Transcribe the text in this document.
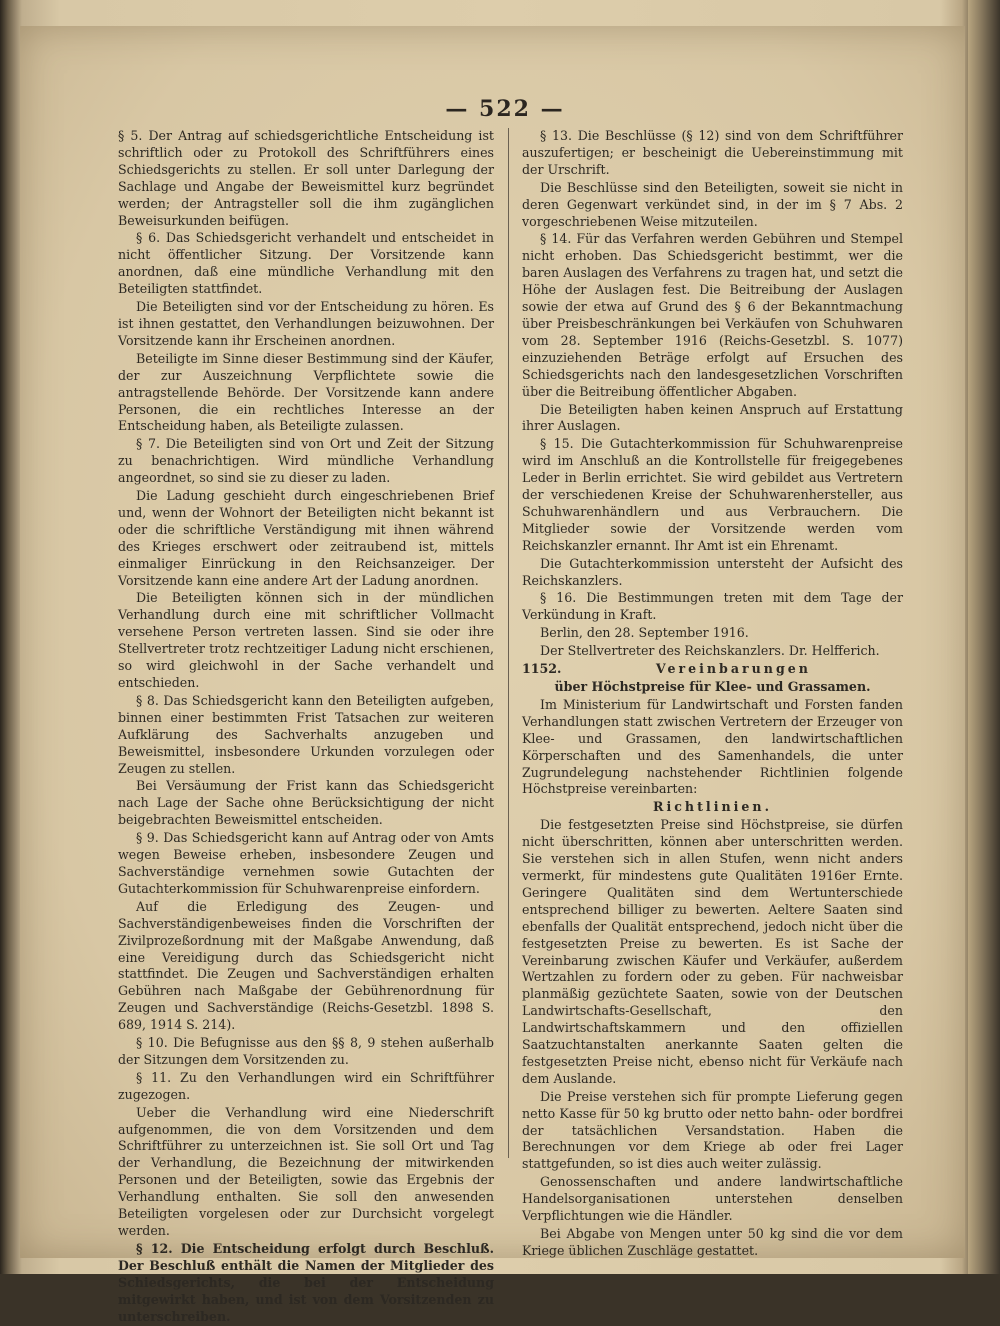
— 522 —

§ 5. Der Antrag auf schiedsgerichtliche Entscheidung ist schriftlich oder zu Protokoll des Schriftführers eines Schiedsgerichts zu stellen. Er soll unter Darlegung der Sachlage und Angabe der Beweismittel kurz begründet werden; der Antragsteller soll die ihm zugänglichen Beweisurkunden beifügen.

§ 6. Das Schiedsgericht verhandelt und entscheidet in nicht öffentlicher Sitzung. Der Vorsitzende kann anordnen, daß eine mündliche Verhandlung mit den Beteiligten stattfindet.

Die Beteiligten sind vor der Entscheidung zu hören. Es ist ihnen gestattet, den Verhandlungen beizuwohnen. Der Vorsitzende kann ihr Erscheinen anordnen.

Beteiligte im Sinne dieser Bestimmung sind der Käufer, der zur Auszeichnung Verpflichtete sowie die antragstellende Behörde. Der Vorsitzende kann andere Personen, die ein rechtliches Interesse an der Entscheidung haben, als Beteiligte zulassen.

§ 7. Die Beteiligten sind von Ort und Zeit der Sitzung zu benachrichtigen. Wird mündliche Verhandlung angeordnet, so sind sie zu dieser zu laden.

Die Ladung geschieht durch eingeschriebenen Brief und, wenn der Wohnort der Beteiligten nicht bekannt ist oder die schriftliche Verständigung mit ihnen während des Krieges erschwert oder zeitraubend ist, mittels einmaliger Einrückung in den Reichsanzeiger. Der Vorsitzende kann eine andere Art der Ladung anordnen.

Die Beteiligten können sich in der mündlichen Verhandlung durch eine mit schriftlicher Vollmacht versehene Person vertreten lassen. Sind sie oder ihre Stellvertreter trotz rechtzeitiger Ladung nicht erschienen, so wird gleichwohl in der Sache verhandelt und entschieden.

§ 8. Das Schiedsgericht kann den Beteiligten aufgeben, binnen einer bestimmten Frist Tatsachen zur weiteren Aufklärung des Sachverhalts anzugeben und Beweismittel, insbesondere Urkunden vorzulegen oder Zeugen zu stellen.

Bei Versäumung der Frist kann das Schiedsgericht nach Lage der Sache ohne Berücksichtigung der nicht beigebrachten Beweismittel entscheiden.

§ 9. Das Schiedsgericht kann auf Antrag oder von Amts wegen Beweise erheben, insbesondere Zeugen und Sachverständige vernehmen sowie Gutachten der Gutachterkommission für Schuhwarenpreise einfordern.

Auf die Erledigung des Zeugen- und Sachverständigenbeweises finden die Vorschriften der Zivilprozeßordnung mit der Maßgabe Anwendung, daß eine Vereidigung durch das Schiedsgericht nicht stattfindet. Die Zeugen und Sachverständigen erhalten Gebühren nach Maßgabe der Gebührenordnung für Zeugen und Sachverständige (Reichs-Gesetzbl. 1898 S. 689, 1914 S. 214).

§ 10. Die Befugnisse aus den §§ 8, 9 stehen außerhalb der Sitzungen dem Vorsitzenden zu.

§ 11. Zu den Verhandlungen wird ein Schriftführer zugezogen.

Ueber die Verhandlung wird eine Niederschrift aufgenommen, die von dem Vorsitzenden und dem Schriftführer zu unterzeichnen ist. Sie soll Ort und Tag der Verhandlung, die Bezeichnung der mitwirkenden Personen und der Beteiligten, sowie das Ergebnis der Verhandlung enthalten. Sie soll den anwesenden Beteiligten vorgelesen oder zur Durchsicht vorgelegt werden.

§ 12. Die Entscheidung erfolgt durch Beschluß. Der Beschluß enthält die Namen der Mitglieder des Schiedsgerichts, die bei der Entscheidung mitgewirkt haben, und ist von dem Vorsitzenden zu unterschreiben.

§ 13. Die Beschlüsse (§ 12) sind von dem Schriftführer auszufertigen; er bescheinigt die Uebereinstimmung mit der Urschrift.

Die Beschlüsse sind den Beteiligten, soweit sie nicht in deren Gegenwart verkündet sind, in der im § 7 Abs. 2 vorgeschriebenen Weise mitzuteilen.

§ 14. Für das Verfahren werden Gebühren und Stempel nicht erhoben. Das Schiedsgericht bestimmt, wer die baren Auslagen des Verfahrens zu tragen hat, und setzt die Höhe der Auslagen fest. Die Beitreibung der Auslagen sowie der etwa auf Grund des § 6 der Bekanntmachung über Preisbeschränkungen bei Verkäufen von Schuhwaren vom 28. September 1916 (Reichs-Gesetzbl. S. 1077) einzuziehenden Beträge erfolgt auf Ersuchen des Schiedsgerichts nach den landesgesetzlichen Vorschriften über die Beitreibung öffentlicher Abgaben.

Die Beteiligten haben keinen Anspruch auf Erstattung ihrer Auslagen.

§ 15. Die Gutachterkommission für Schuhwarenpreise wird im Anschluß an die Kontrollstelle für freigegebenes Leder in Berlin errichtet. Sie wird gebildet aus Vertretern der verschiedenen Kreise der Schuhwarenhersteller, aus Schuhwarenhändlern und aus Verbrauchern. Die Mitglieder sowie der Vorsitzende werden vom Reichskanzler ernannt. Ihr Amt ist ein Ehrenamt.

Die Gutachterkommission untersteht der Aufsicht des Reichskanzlers.

§ 16. Die Bestimmungen treten mit dem Tage der Verkündung in Kraft.

Berlin, den 28. September 1916.

Der Stellvertreter des Reichskanzlers. Dr. Helfferich.

1152.	Vereinbarungen

über Höchstpreise für Klee- und Grassamen.

Im Ministerium für Landwirtschaft und Forsten fanden Verhandlungen statt zwischen Vertretern der Erzeuger von Klee- und Grassamen, den landwirtschaftlichen Körperschaften und des Samenhandels, die unter Zugrundelegung nachstehender Richtlinien folgende Höchstpreise vereinbarten:

Richtlinien.

Die festgesetzten Preise sind Höchstpreise, sie dürfen nicht überschritten, können aber unterschritten werden. Sie verstehen sich in allen Stufen, wenn nicht anders vermerkt, für mindestens gute Qualitäten 1916er Ernte. Geringere Qualitäten sind dem Wertunterschiede entsprechend billiger zu bewerten. Aeltere Saaten sind ebenfalls der Qualität entsprechend, jedoch nicht über die festgesetzten Preise zu bewerten. Es ist Sache der Vereinbarung zwischen Käufer und Verkäufer, außerdem Wertzahlen zu fordern oder zu geben. Für nachweisbar planmäßig gezüchtete Saaten, sowie von der Deutschen Landwirtschafts-Gesellschaft, den Landwirtschaftskammern und den offiziellen Saatzuchtanstalten anerkannte Saaten gelten die festgesetzten Preise nicht, ebenso nicht für Verkäufe nach dem Auslande.

Die Preise verstehen sich für prompte Lieferung gegen netto Kasse für 50 kg brutto oder netto bahn- oder bordfrei der tatsächlichen Versandstation. Haben die Berechnungen vor dem Kriege ab oder frei Lager stattgefunden, so ist dies auch weiter zulässig.

Genossenschaften und andere landwirtschaftliche Handelsorganisationen unterstehen denselben Verpflichtungen wie die Händler.

Bei Abgabe von Mengen unter 50 kg sind die vor dem Kriege üblichen Zuschläge gestattet.
